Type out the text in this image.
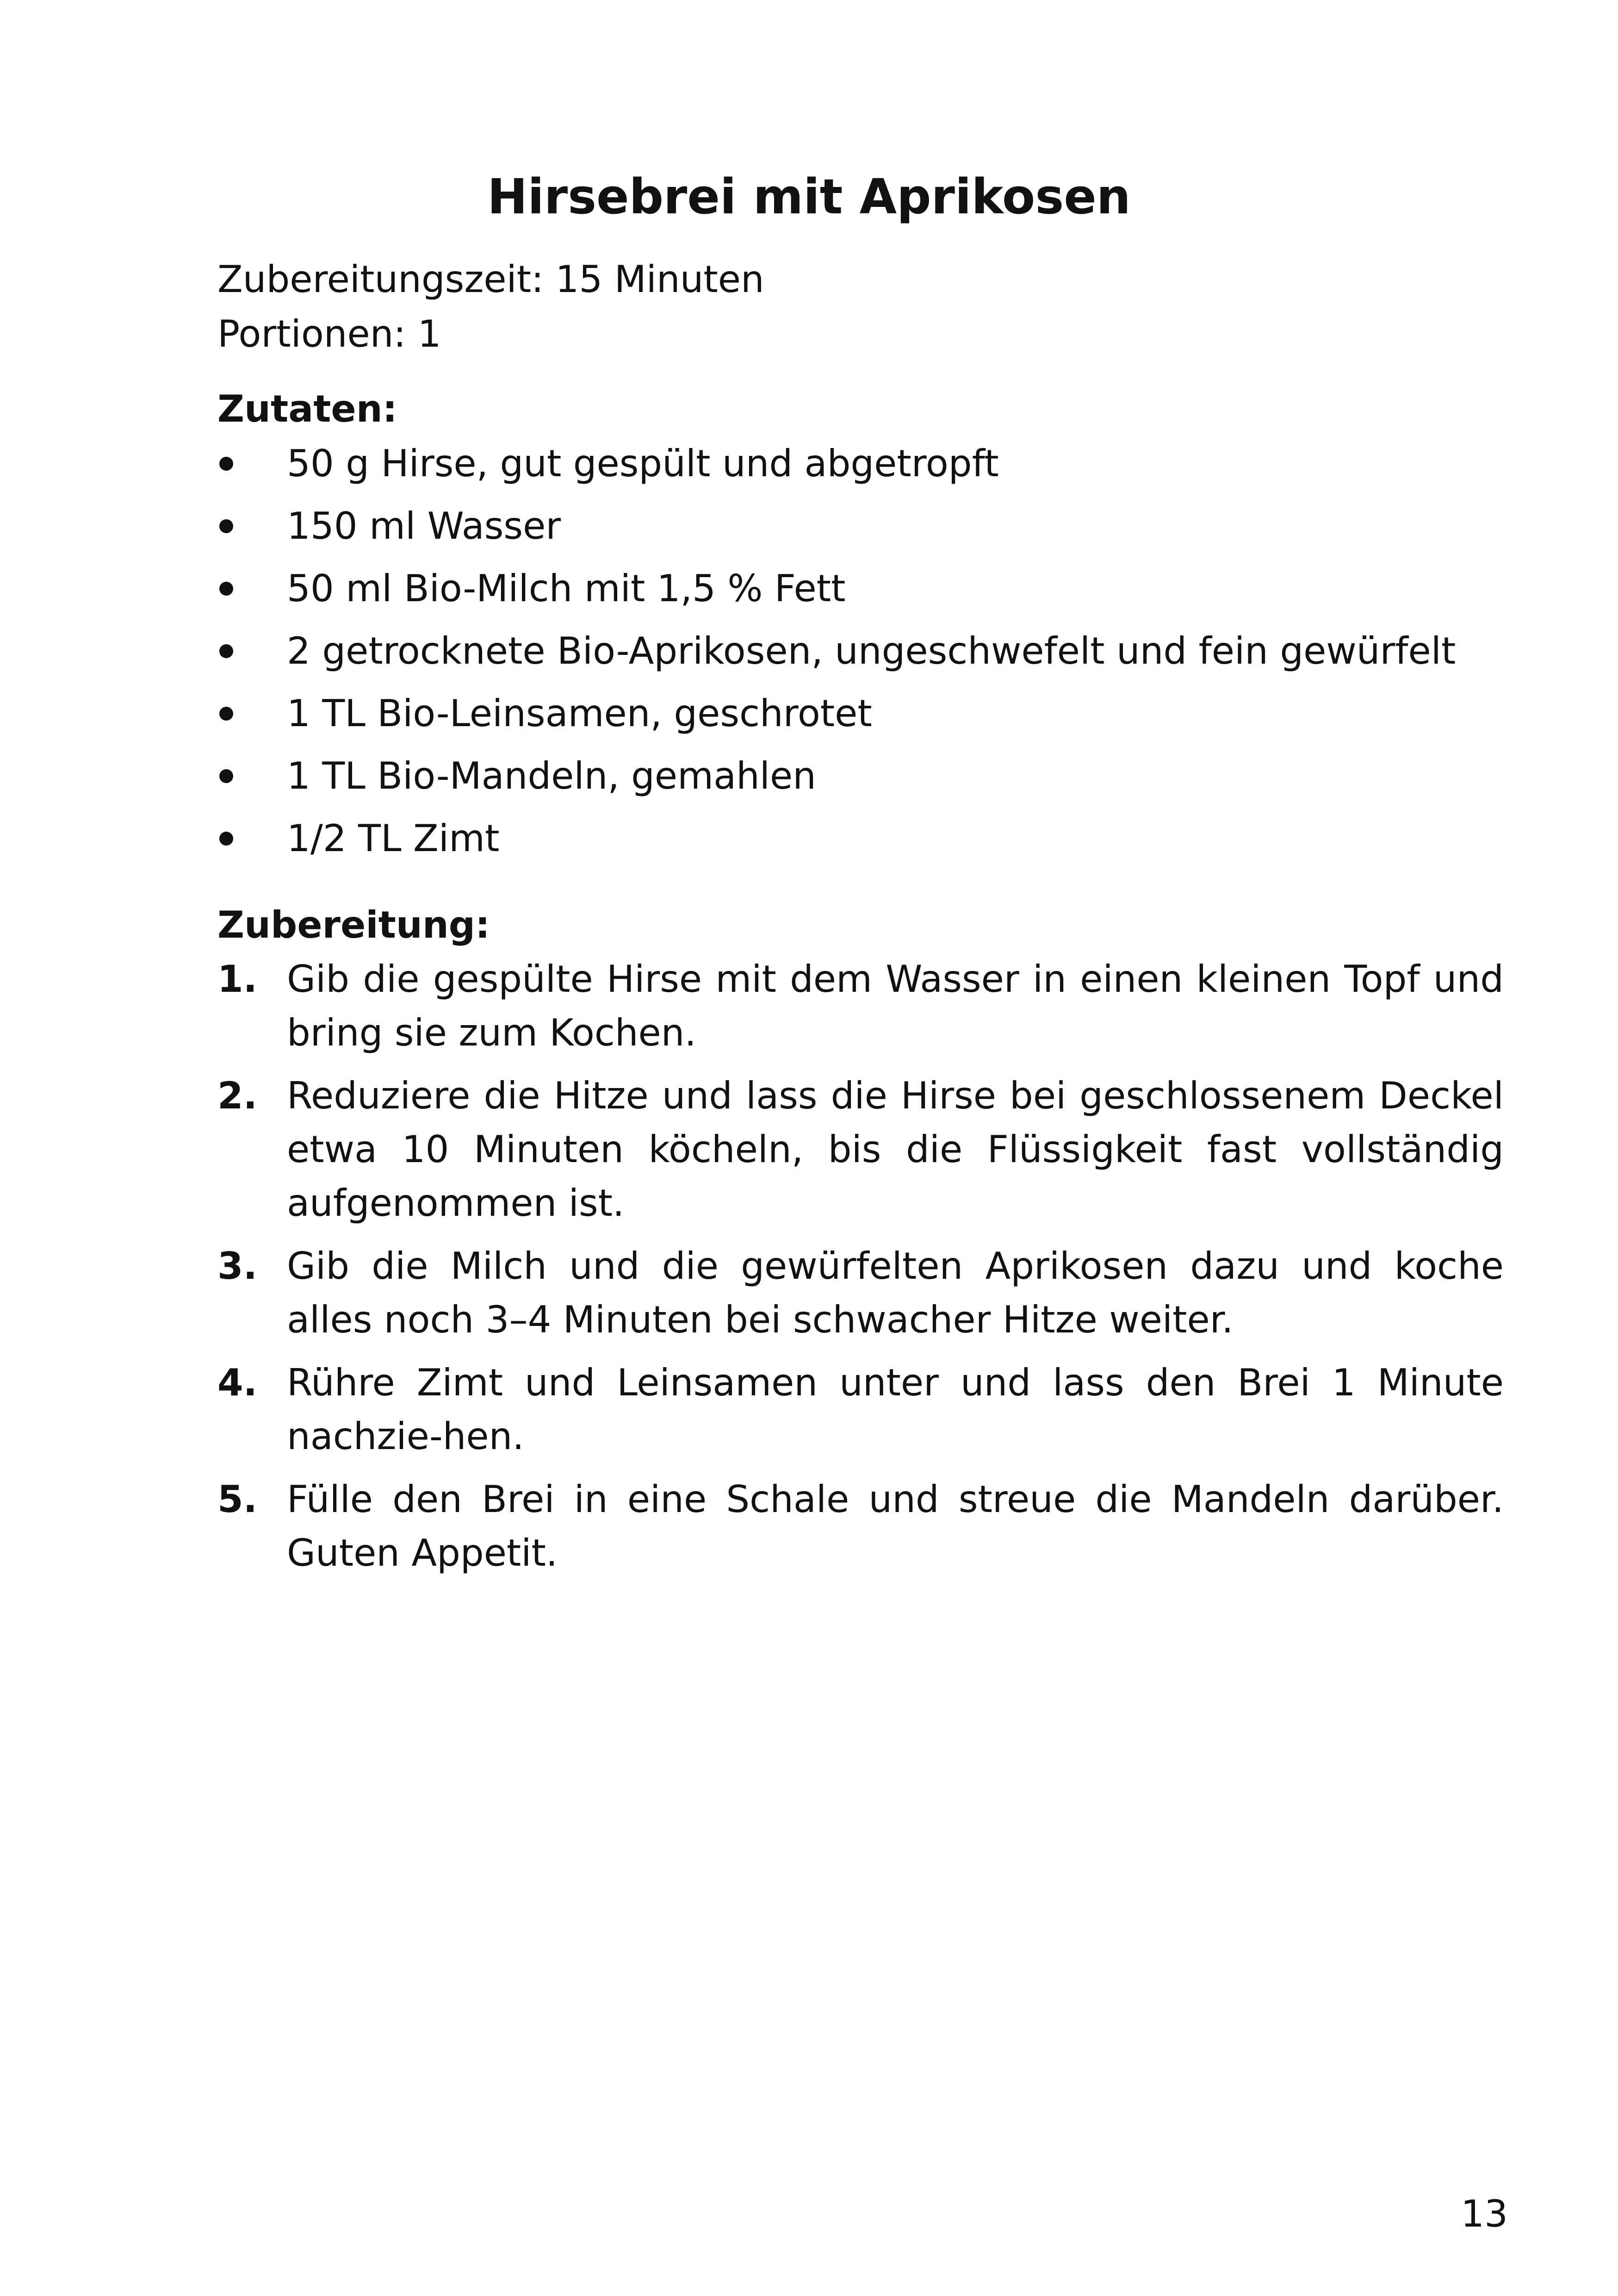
Hirsebrei mit Aprikosen
Zubereitungszeit: 15 Minuten
Portionen: 1
Zutaten:
50 g Hirse, gut gespült und abgetropft
150 ml Wasser
50 ml Bio-Milch mit 1,5 % Fett
2 getrocknete Bio-Aprikosen, ungeschwefelt und fein gewürfelt
1 TL Bio-Leinsamen, geschrotet
1 TL Bio-Mandeln, gemahlen
1/2 TL Zimt
Zubereitung:
1. Gib die gespülte Hirse mit dem Wasser in einen kleinen Topf und bring sie zum Kochen.
2. Reduziere die Hitze und lass die Hirse bei geschlossenem Deckel etwa 10 Minuten köcheln, bis die Flüssigkeit fast vollständig aufgenommen ist.
3. Gib die Milch und die gewürfelten Aprikosen dazu und koche alles noch 3–4 Minuten bei schwacher Hitze weiter.
4. Rühre Zimt und Leinsamen unter und lass den Brei 1 Minute nachzie-hen.
5. Fülle den Brei in eine Schale und streue die Mandeln darüber. Guten Appetit.
13
